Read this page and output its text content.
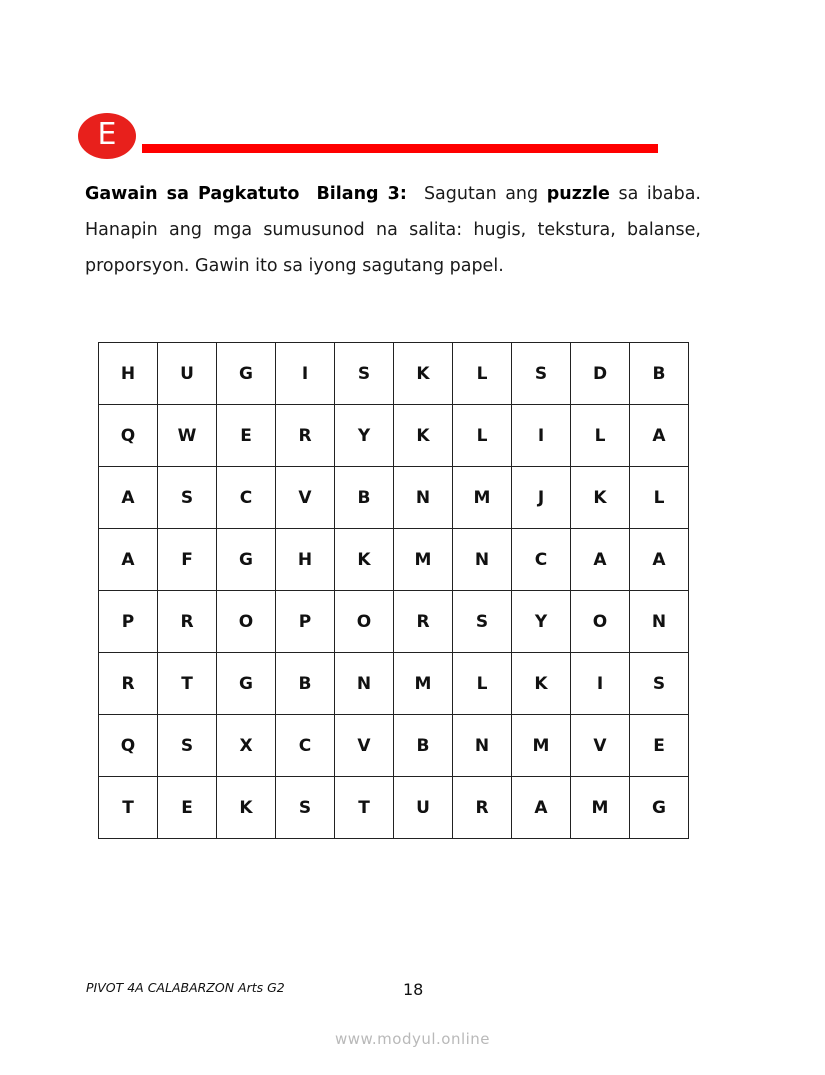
E
Gawain sa Pagkatuto Bilang 3: Sagutan ang puzzle sa ibaba.
Hanapin ang mga sumusunod na salita: hugis, tekstura, balanse,
proporsyon. Gawin ito sa iyong sagutang papel.
H	U	G	I	S	K	L	S	D	B
Q	W	E	R	Y	K	L	I	L	A
A	S	C	V	B	N	M	J	K	L
A	F	G	H	K	M	N	C	A	A
P	R	O	P	O	R	S	Y	O	N
R	T	G	B	N	M	L	K	I	S
Q	S	X	C	V	B	N	M	V	E
T	E	K	S	T	U	R	A	M	G
PIVOT 4A CALABARZON Arts G2	18
www.modyul.online
